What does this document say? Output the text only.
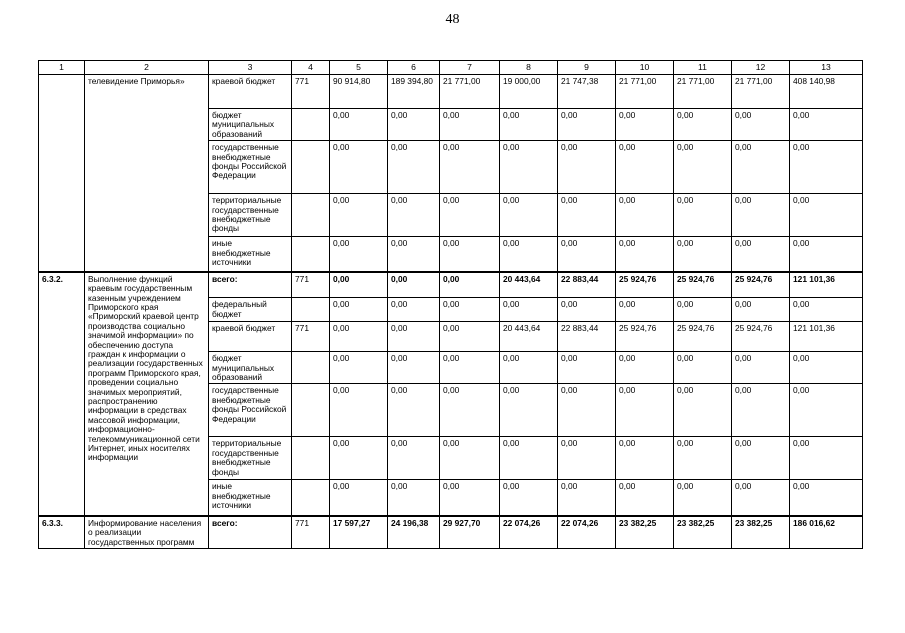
48
1	2	3	4	5	6	7	8	9	10	11	12	13
	телевидение Приморья»	краевой бюджет	771	90 914,80	189 394,80	21 771,00	19 000,00	21 747,38	21 771,00	21 771,00	21 771,00	408 140,98
		бюджет муниципальных образований		0,00	0,00	0,00	0,00	0,00	0,00	0,00	0,00	0,00
		государственные внебюджетные фонды Российской Федерации		0,00	0,00	0,00	0,00	0,00	0,00	0,00	0,00	0,00
		территориальные государственные внебюджетные фонды		0,00	0,00	0,00	0,00	0,00	0,00	0,00	0,00	0,00
		иные внебюджетные источники		0,00	0,00	0,00	0,00	0,00	0,00	0,00	0,00	0,00
6.3.2.	Выполнение функций краевым государственным казенным учреждением Приморского края «Приморский краевой центр производства социально значимой информации» по обеспечению доступа граждан к информации о реализации государственных программ Приморского края, проведении социально значимых мероприятий, распространению информации в средствах массовой информации, информационно-телекоммуникационной сети Интернет, иных носителях информации	всего:	771	0,00	0,00	0,00	20 443,64	22 883,44	25 924,76	25 924,76	25 924,76	121 101,36
		федеральный бюджет		0,00	0,00	0,00	0,00	0,00	0,00	0,00	0,00	0,00
		краевой бюджет	771	0,00	0,00	0,00	20 443,64	22 883,44	25 924,76	25 924,76	25 924,76	121 101,36
		бюджет муниципальных образований		0,00	0,00	0,00	0,00	0,00	0,00	0,00	0,00	0,00
		государственные внебюджетные фонды Российской Федерации		0,00	0,00	0,00	0,00	0,00	0,00	0,00	0,00	0,00
		территориальные государственные внебюджетные фонды		0,00	0,00	0,00	0,00	0,00	0,00	0,00	0,00	0,00
		иные внебюджетные источники		0,00	0,00	0,00	0,00	0,00	0,00	0,00	0,00	0,00
6.3.3.	Информирование населения о реализации государственных программ	всего:	771	17 597,27	24 196,38	29 927,70	22 074,26	22 074,26	23 382,25	23 382,25	23 382,25	186 016,62
